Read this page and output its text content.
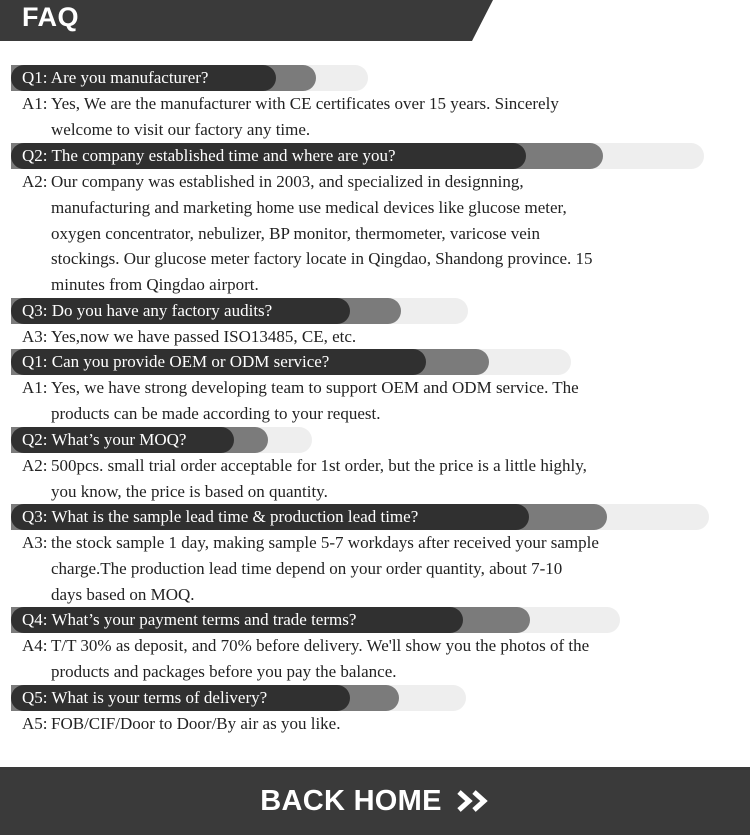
FAQ
Q1: Are you manufacturer?
A1: Yes, We are the manufacturer with CE certificates over 15 years. Sincerely
welcome to visit our factory any time.
Q2: The company established time and where are you?
A2: Our company was established in 2003, and specialized in designning,
manufacturing and marketing home use medical devices like glucose meter,
oxygen concentrator, nebulizer, BP monitor, thermometer, varicose vein
stockings. Our glucose meter factory locate in Qingdao, Shandong province. 15
minutes from Qingdao airport.
Q3: Do you have any factory audits?
A3: Yes,now we have passed ISO13485, CE, etc.
Q1: Can you provide OEM or ODM service?
A1: Yes, we have strong developing team to support OEM and ODM service. The
products can be made according to your request.
Q2: What’s your MOQ?
A2: 500pcs. small trial order acceptable for 1st order, but the price is a little highly,
you know, the price is based on quantity.
Q3: What is the sample lead time & production lead time?
A3: the stock sample 1 day, making sample 5-7 workdays after received your sample
charge.The production lead time depend on your order quantity, about 7-10
days based on MOQ.
Q4: What’s your payment terms and trade terms?
A4: T/T 30% as deposit, and 70% before delivery. We'll show you the photos of the
products and packages before you pay the balance.
Q5: What is your terms of delivery?
A5: FOB/CIF/Door to Door/By air as you like.
BACK HOME
